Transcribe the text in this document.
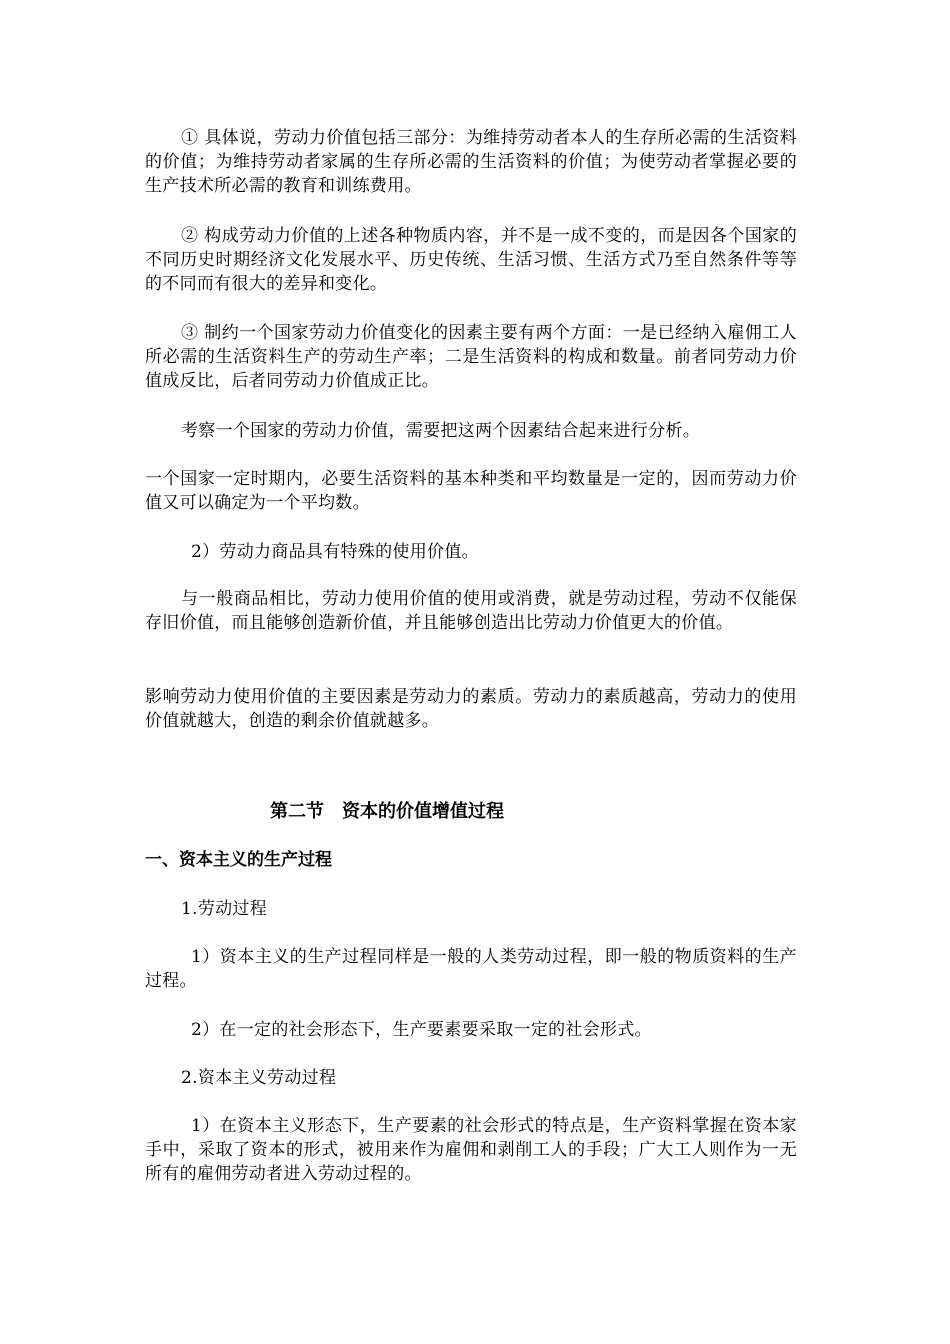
① 具体说，劳动力价值包括三部分：为维持劳动者本人的生存所必需的生活资料的价值；为维持劳动者家属的生存所必需的生活资料的价值；为使劳动者掌握必要的生产技术所必需的教育和训练费用。

② 构成劳动力价值的上述各种物质内容，并不是一成不变的，而是因各个国家的不同历史时期经济文化发展水平、历史传统、生活习惯、生活方式乃至自然条件等等的不同而有很大的差异和变化。

③ 制约一个国家劳动力价值变化的因素主要有两个方面：一是已经纳入雇佣工人所必需的生活资料生产的劳动生产率；二是生活资料的构成和数量。前者同劳动力价值成反比，后者同劳动力价值成正比。

考察一个国家的劳动力价值，需要把这两个因素结合起来进行分析。

一个国家一定时期内，必要生活资料的基本种类和平均数量是一定的，因而劳动力价值又可以确定为一个平均数。

2）劳动力商品具有特殊的使用价值。

与一般商品相比，劳动力使用价值的使用或消费，就是劳动过程，劳动不仅能保存旧价值，而且能够创造新价值，并且能够创造出比劳动力价值更大的价值。

影响劳动力使用价值的主要因素是劳动力的素质。劳动力的素质越高，劳动力的使用价值就越大，创造的剩余价值就越多。

第二节　资本的价值增值过程
一、资本主义的生产过程

1.劳动过程

1）资本主义的生产过程同样是一般的人类劳动过程，即一般的物质资料的生产过程。

2）在一定的社会形态下，生产要素要采取一定的社会形式。

2.资本主义劳动过程

1）在资本主义形态下，生产要素的社会形式的特点是，生产资料掌握在资本家手中，采取了资本的形式，被用来作为雇佣和剥削工人的手段；广大工人则作为一无所有的雇佣劳动者进入劳动过程的。
